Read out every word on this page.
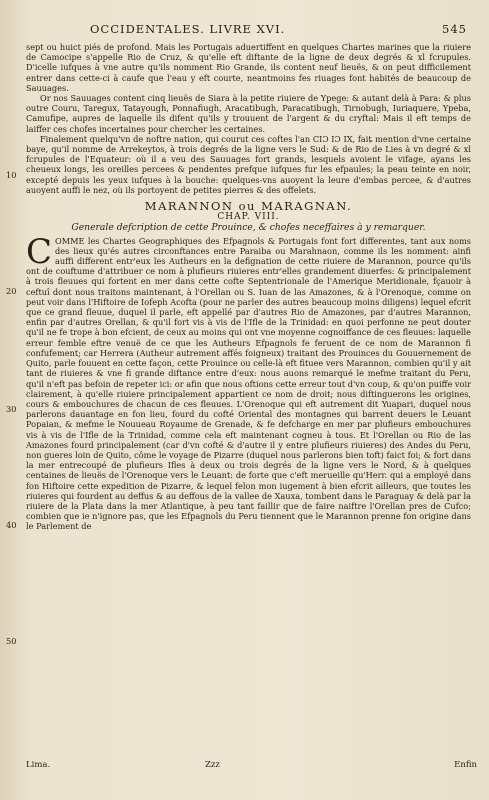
OCCIDENTALES. LIVRE XVI.	545
10
20
30
40
50

sept ou huict piés de profond. Mais les Portugais aduertiffent en quelques Chartes marines que la riuiere de Camocipe s'appelle Rio de Cruz, & qu'elle eft diftante de la ligne de deux degrés & xl fcrupules. D'icelle iufques à vne autre qu'ils nomment Rio Grande, ils content neuf lieuës, & on peut difficilement entrer dans cette-ci à caufe que l'eau y eft courte, neantmoins fes riuages font habités de beaucoup de Sauuages.

Or nos Sauuages content cinq lieuës de Siara à la petite riuiere de Ypege: & autant delà à Para: & plus outre Couru, Taregux, Tatayough, Ponnafiugh, Aracatibugh, Paracatibugh, Tirnobugh, Iuriaquere, Ypeba, Camufipe, aupres de laquelle ils difent qu'ils y trouuent de l'argent & du cryftal: Mais il eft temps de laiffer ces chofes incertaines pour chercher les certaines.

Finalement quelqu'vn de noftre nation, qui courut ces coftes l'an CIƆ IƆ IX, faiȶ mention d'vne certaine baye, qu'il nomme de Arrekeytos, à trois degrés de la ligne vers le Sud: & de Rio de Lies à vn degré & xl fcrupules de l'Equateur: où il a veu des Sauuages fort grands, lesquels avoient le vifage, ayans les cheueux longs, les oreilles percees & pendentes prefque iufques fur les efpaules; la peau teinte en noir, excepté depuis les yeux iufques à la bouche: quelques-vns auoyent la leure d'embas percee, & d'autres auoyent auffi le nez, où ils portoyent de petites pierres & des offelets.

MARANNON ou MARAGNAN.
CHAP. VIII.
Generale defcription de cette Prouince, & chofes neceffaires à y remarquer.

C OMME les Chartes Geographiques des Efpagnols & Portugais font fort differentes, tant aux noms des lieux qu'és autres circonftances entre Paraiba ou Marahnaon, comme ils les nomment: ainfi auffi different entr'eux les Autheurs en la defignation de cette riuiere de Marannon, pource qu'ils ont de couftume d'attribuer ce nom à plufieurs riuieres entr'elles grandement diuerfes: & principalement à trois fleuues qui fortent en mer dans cette cofte Septentrionale de l'Amerique Meridionale, fçauoir à ceftuî dont nous traitons maintenant, à l'Orellan ou S. Iuan de las Amazones, & à l'Orenoque, comme on peut voir dans l'Hiftoire de Iofeph Acofta (pour ne parler des autres beaucoup moins diligens) lequel efcrit que ce grand fleuue, duquel il parle, eft appellé par d'autres Rio de Amazones, par d'autres Marannon, enfin par d'autres Orellan, & qu'il fort vis à vis de l'Ifle de la Trinidad: en quoi perfonne ne peut douter qu'il ne fe trope à bon efcient, de ceux au moins qui ont vne moyenne cognoiffance de ces fleuues: laquelle erreur femble eftre venuë de ce que les Autheurs Efpagnols fe feruent de ce nom de Marannon fi confufement; car Herrera (Autheur autrement affés foigneux) traitant des Prouinces du Gouuernement de Quito, parle fouuent en cette façon, cette Prouince ou celle-là eft fituee vers Marannon, combien qu'il y ait tant de riuieres & vne fi grande diftance entre d'eux: nous auons remarqué le mefme traitant du Peru, qu'il n'eft pas befoin de repeter ici: or afin que nous oftions cette erreur tout d'vn coup, & qu'on puiffe voir clairement, à qu'elle riuiere principalement appartient ce nom de droit; nous diftinguerons les origines, cours & embouchures de chacun de ces fleuues. L'Orenoque qui eft autrement dit Yuapari, duquel nous parlerons dauantage en fon lieu, fourd du cofté Oriental des montagnes qui barrent deuers le Leuant Popaian, & mefme le Nouueau Royaume de Grenade, & fe defcharge en mer par plufieurs embouchures vis à vis de l'Ifle de la Trinidad, comme cela eft maintenant cogneu à tous. Et l'Orellan ou Rio de las Amazones fourd principalement (car d'vn cofté & d'autre il y entre plufieurs riuieres) des Andes du Peru, non gueres loin de Quito, côme le voyage de Pizarre (duquel nous parlerons bien toft) faict foi; & fort dans la mer entrecoupé de plufieurs Ifles à deux ou trois degrés de la ligne vers le Nord, & à quelques centaines de lieuës de l'Orenoque vers le Leuant: de forte que c'eft merueille qu'Herr. qui a employé dans fon Hiftoire cette expedition de Pizarre, & lequel felon mon iugement à bien efcrit ailleurs, que toutes les riuieres qui fourdent au deffus & au deffous de la vallee de Xauxa, tombent dans le Paraguay & delà par la riuiere de la Plata dans la mer Atlantique, à peu tant faillir que de faire naiftre l'Orellan pres de Cufco; combien que ie n'ignore pas, que les Efpagnols du Peru tiennent que le Marannon prenne fon origine dans le Parlement de

Lima.	Zzz	Enfin
